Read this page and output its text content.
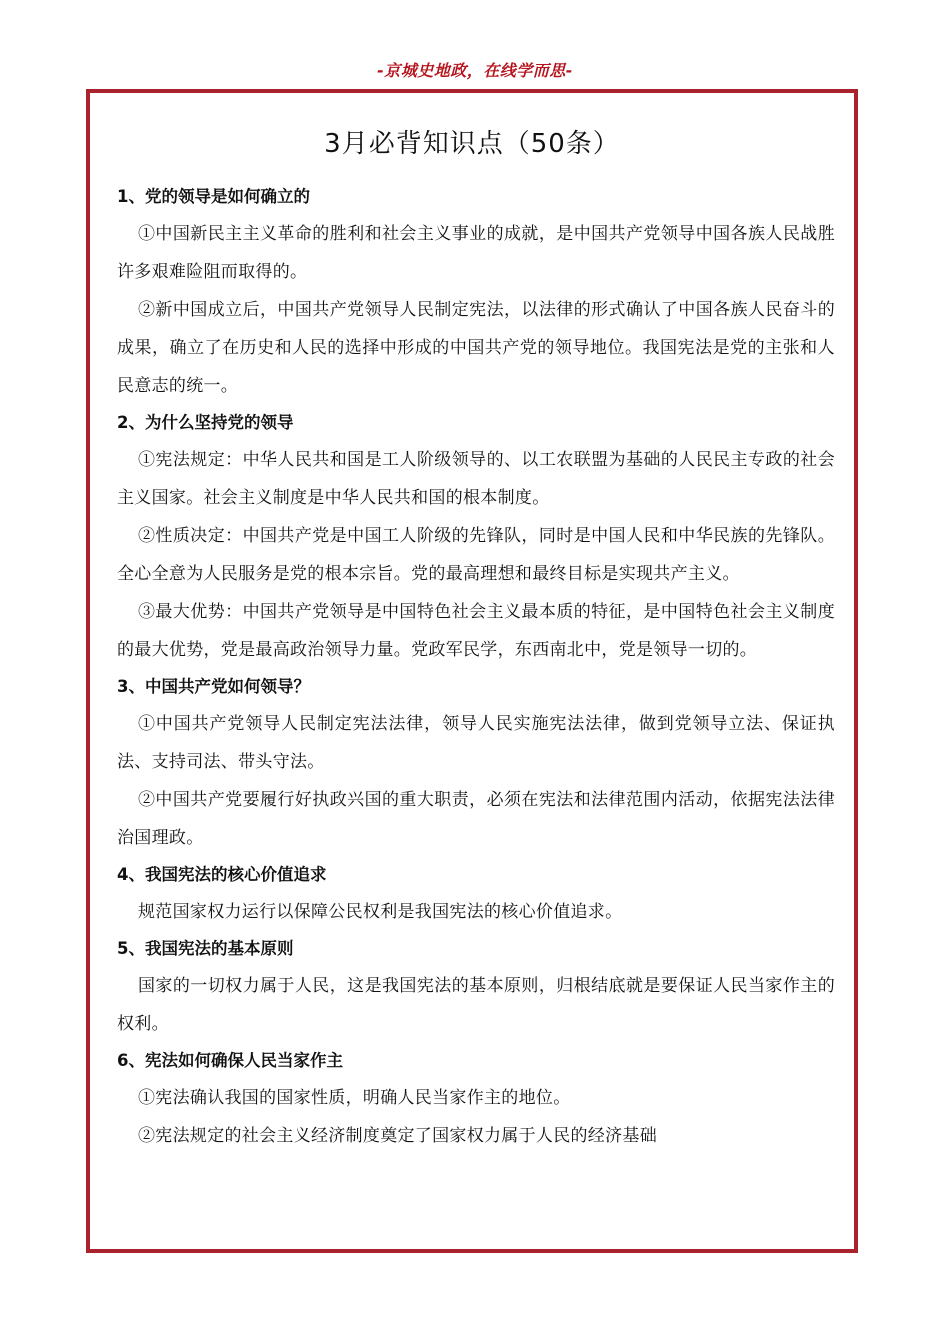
-京城史地政，在线学而思-
3月必背知识点（50条）
1、党的领导是如何确立的

①中国新民主主义革命的胜利和社会主义事业的成就，是中国共产党领导中国各族人民战胜许多艰难险阻而取得的。

②新中国成立后，中国共产党领导人民制定宪法，以法律的形式确认了中国各族人民奋斗的成果，确立了在历史和人民的选择中形成的中国共产党的领导地位。我国宪法是党的主张和人民意志的统一。

2、为什么坚持党的领导

①宪法规定：中华人民共和国是工人阶级领导的、以工农联盟为基础的人民民主专政的社会主义国家。社会主义制度是中华人民共和国的根本制度。

②性质决定：中国共产党是中国工人阶级的先锋队，同时是中国人民和中华民族的先锋队。全心全意为人民服务是党的根本宗旨。党的最高理想和最终目标是实现共产主义。

③最大优势：中国共产党领导是中国特色社会主义最本质的特征，是中国特色社会主义制度的最大优势，党是最高政治领导力量。党政军民学，东西南北中，党是领导一切的。

3、中国共产党如何领导？

①中国共产党领导人民制定宪法法律，领导人民实施宪法法律，做到党领导立法、保证执法、支持司法、带头守法。

②中国共产党要履行好执政兴国的重大职责，必须在宪法和法律范围内活动，依据宪法法律治国理政。

4、我国宪法的核心价值追求

规范国家权力运行以保障公民权利是我国宪法的核心价值追求。

5、我国宪法的基本原则

国家的一切权力属于人民，这是我国宪法的基本原则，归根结底就是要保证人民当家作主的权利。

6、宪法如何确保人民当家作主

①宪法确认我国的国家性质，明确人民当家作主的地位。

②宪法规定的社会主义经济制度奠定了国家权力属于人民的经济基础
